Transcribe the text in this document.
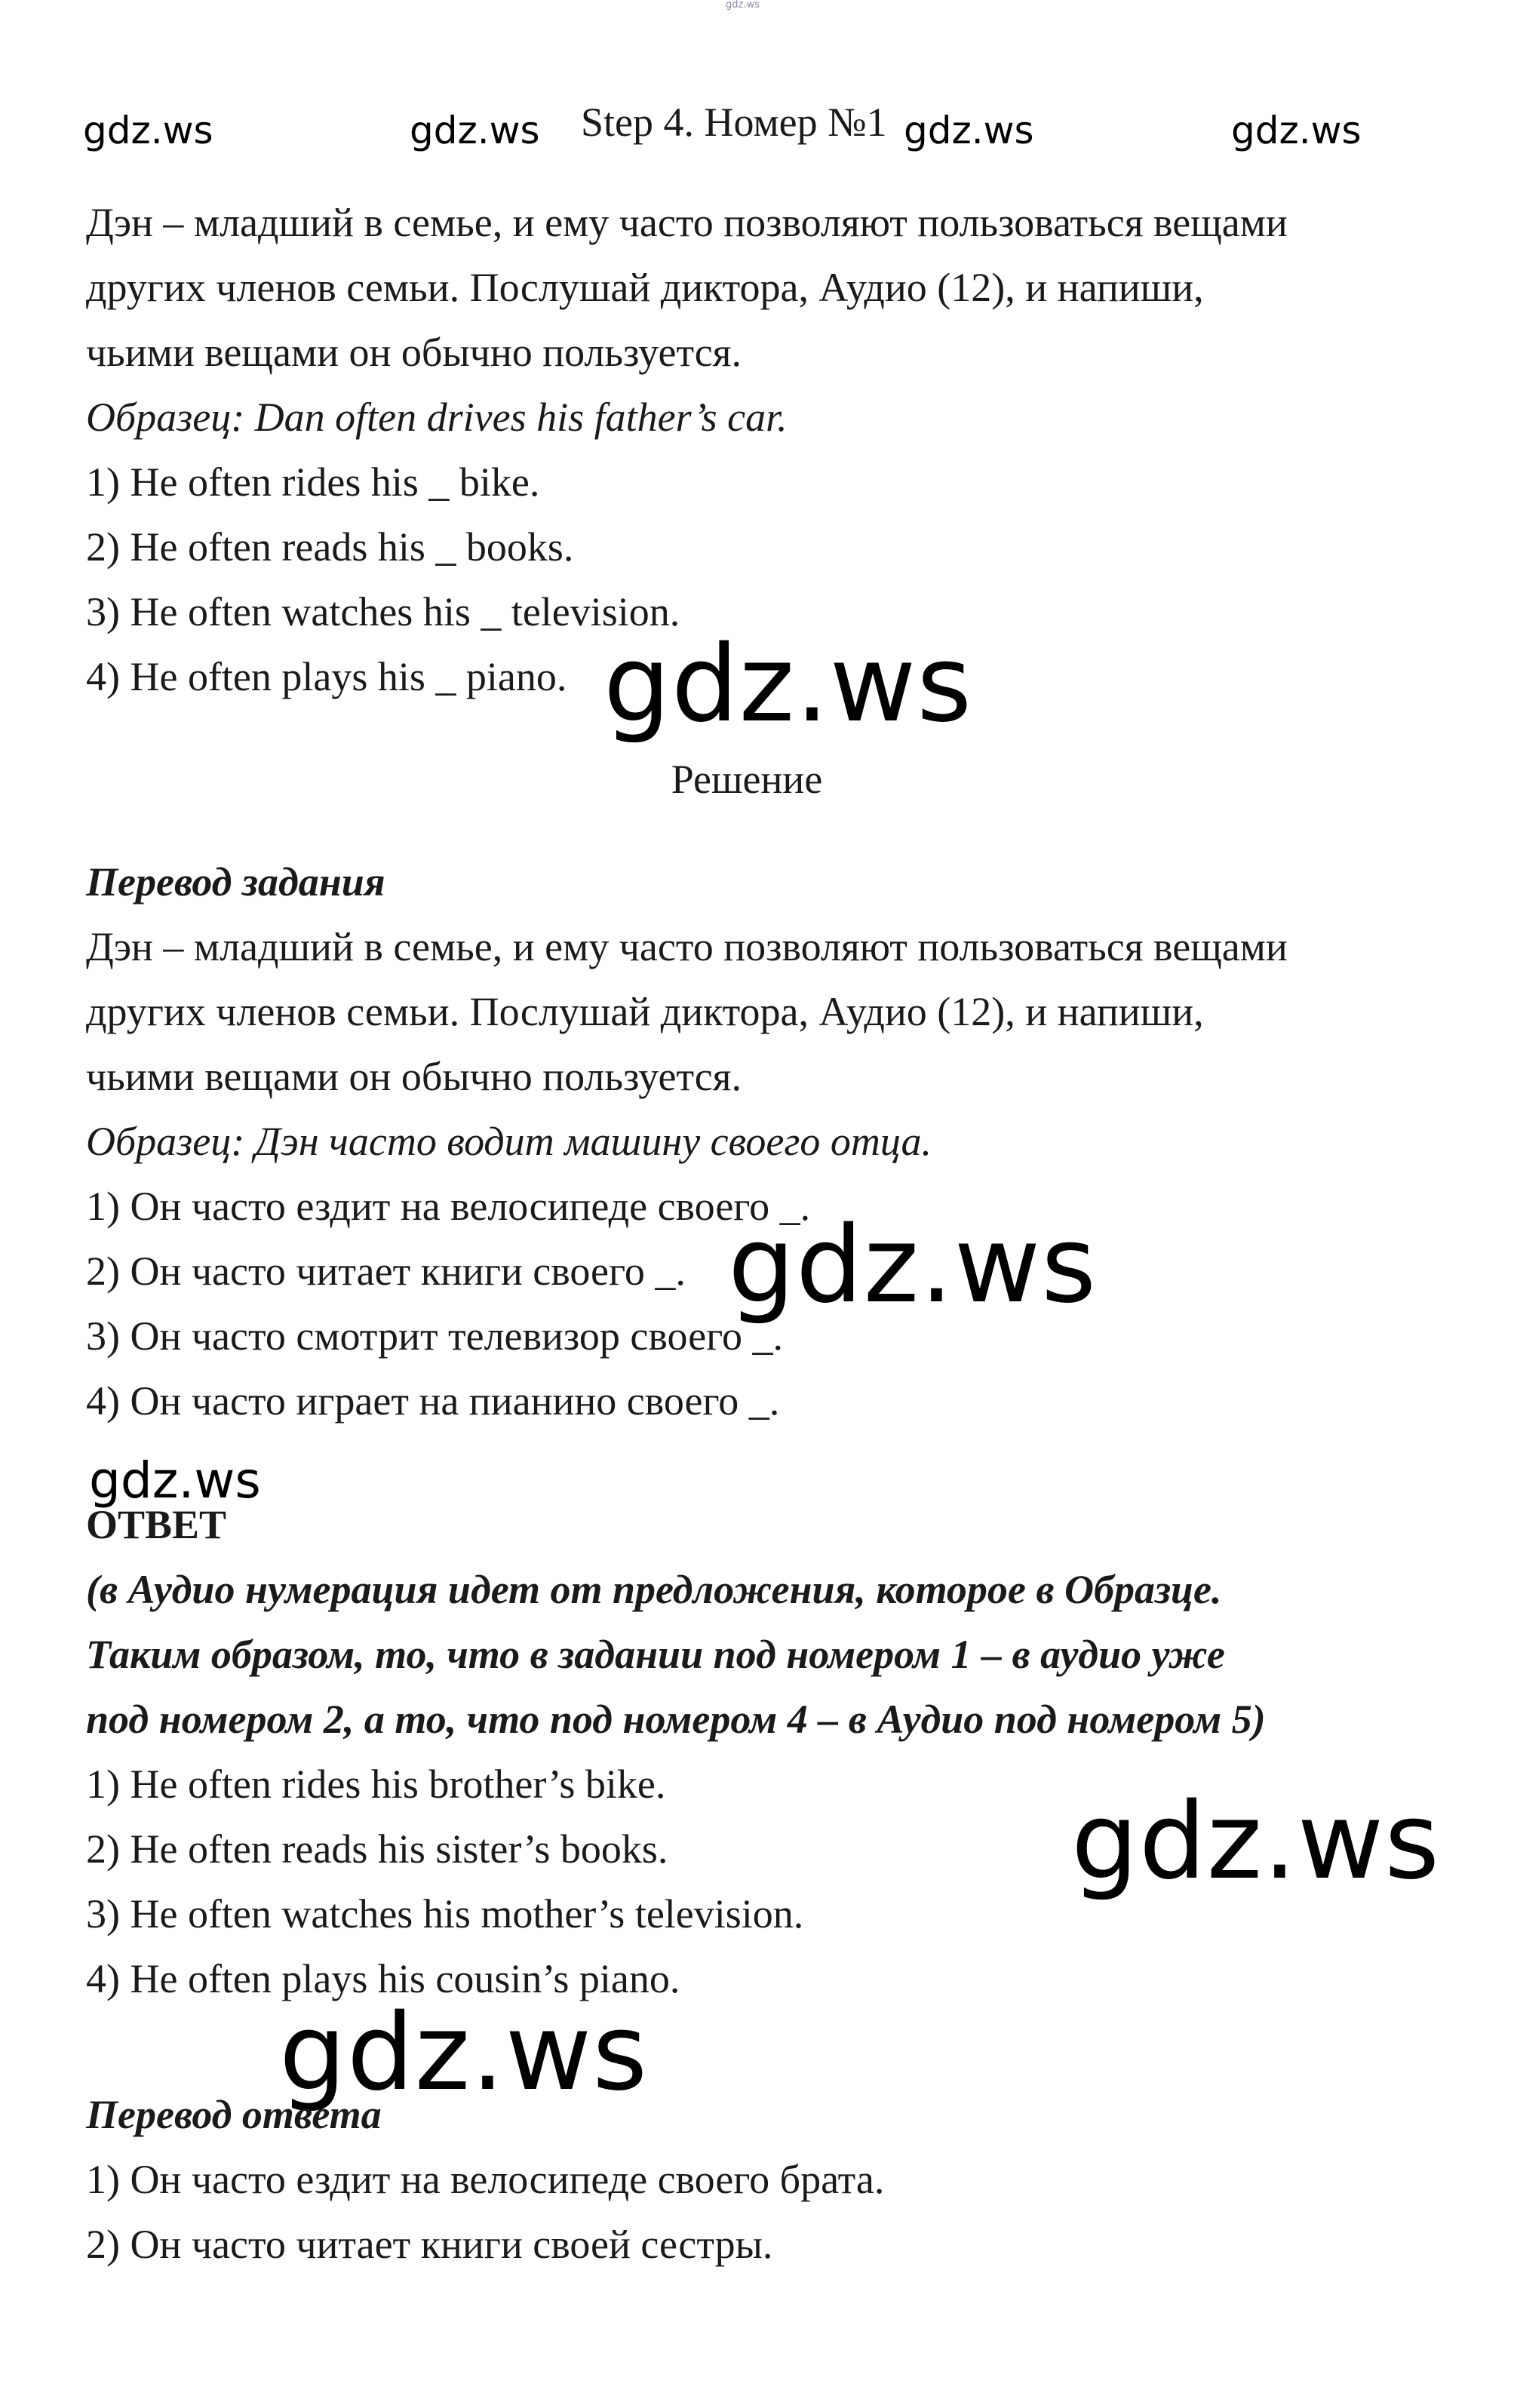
gdz.ws
gdz.ws	gdz.ws Step 4. Номер №1 gdz.ws	gdz.ws
Дэн – младший в семье, и ему часто позволяют пользоваться вещами
других членов семьи. Послушай диктора, Аудио (12), и напиши,
чьими вещами он обычно пользуется.
Образец: Dan often drives his father’s car.
1) He often rides his _ bike.
2) He often reads his _ books.
3) He often watches his _ television.
4) He often plays his _ piano. gdz.ws
Решение
Перевод задания
Дэн – младший в семье, и ему часто позволяют пользоваться вещами
других членов семьи. Послушай диктора, Аудио (12), и напиши,
чьими вещами он обычно пользуется.
Образец: Дэн часто водит машину своего отца.
1) Он часто ездит на велосипеде своего _.
2) Он часто читает книги своего _.
3) Он часто смотрит телевизор своего _.
4) Он часто играет на пианино своего _.
gdz.ws
gdz.ws
ОТВЕТ
(в Аудио нумерация идет от предложения, которое в Образце.
Таким образом, то, что в задании под номером 1 – в аудио уже
под номером 2, а то, что под номером 4 – в Аудио под номером 5)
1) He often rides his brother’s bike.
2) He often reads his sister’s books.
3) He often watches his mother’s television.
4) He often plays his cousin’s piano.
gdz.ws
gdz.ws
Перевод ответа
1) Он часто ездит на велосипеде своего брата.
2) Он часто читает книги своей сестры.
